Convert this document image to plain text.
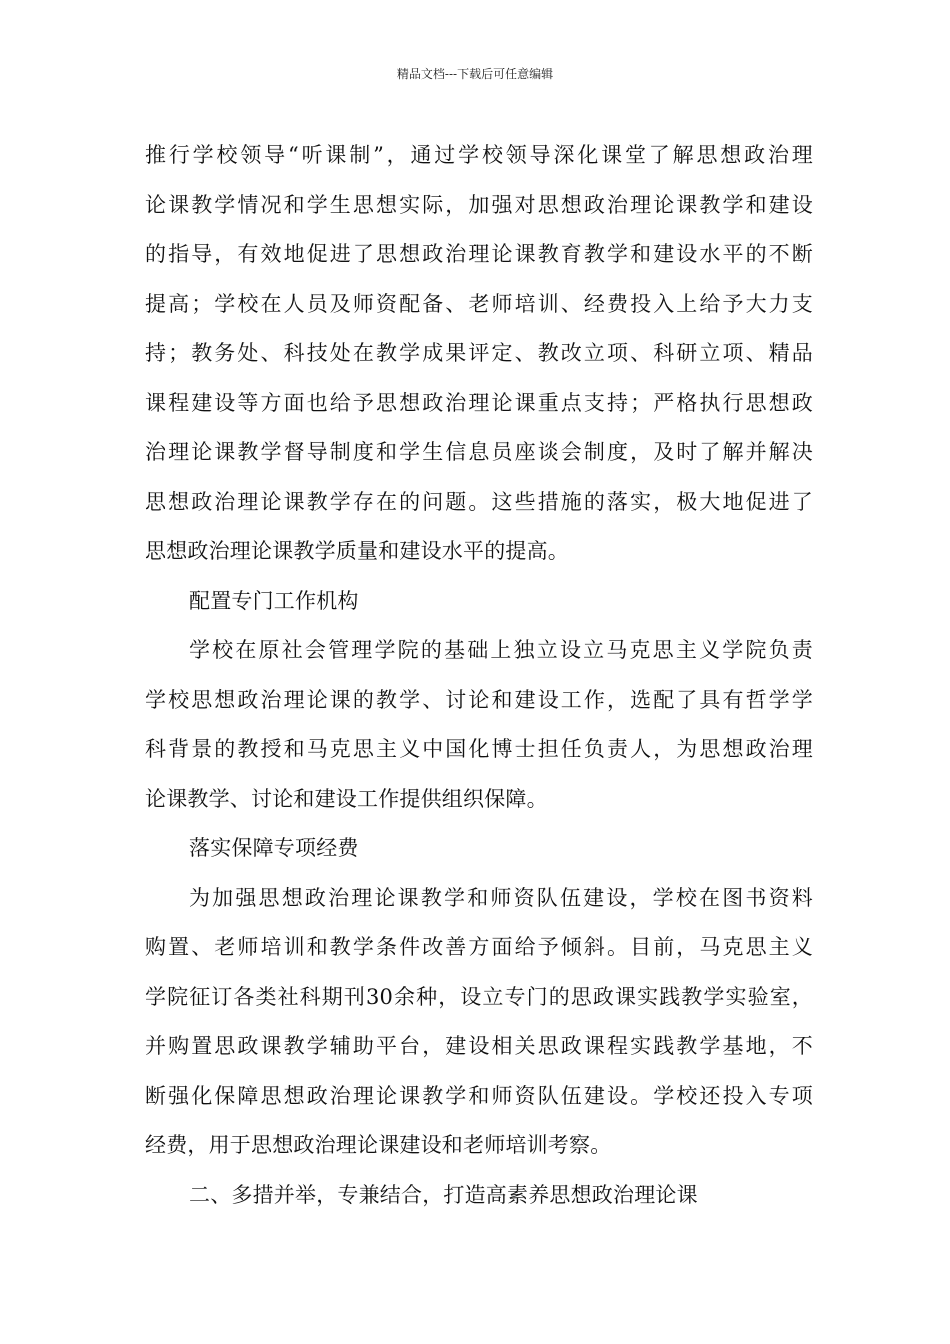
精品文档---下载后可任意编辑
推行学校领导“听课制”，通过学校领导深化课堂了解思想政治理
论课教学情况和学生思想实际，加强对思想政治理论课教学和建设
的指导，有效地促进了思想政治理论课教育教学和建设水平的不断
提高；学校在人员及师资配备、老师培训、经费投入上给予大力支
持；教务处、科技处在教学成果评定、教改立项、科研立项、精品
课程建设等方面也给予思想政治理论课重点支持；严格执行思想政
治理论课教学督导制度和学生信息员座谈会制度，及时了解并解决
思想政治理论课教学存在的问题。这些措施的落实，极大地促进了
思想政治理论课教学质量和建设水平的提高。
配置专门工作机构
学校在原社会管理学院的基础上独立设立马克思主义学院负责
学校思想政治理论课的教学、讨论和建设工作，选配了具有哲学学
科背景的教授和马克思主义中国化博士担任负责人，为思想政治理
论课教学、讨论和建设工作提供组织保障。
落实保障专项经费
为加强思想政治理论课教学和师资队伍建设，学校在图书资料
购置、老师培训和教学条件改善方面给予倾斜。目前，马克思主义
学院征订各类社科期刊30余种，设立专门的思政课实践教学实验室，
并购置思政课教学辅助平台，建设相关思政课程实践教学基地，不
断强化保障思想政治理论课教学和师资队伍建设。学校还投入专项
经费，用于思想政治理论课建设和老师培训考察。
二、多措并举，专兼结合，打造高素养思想政治理论课
